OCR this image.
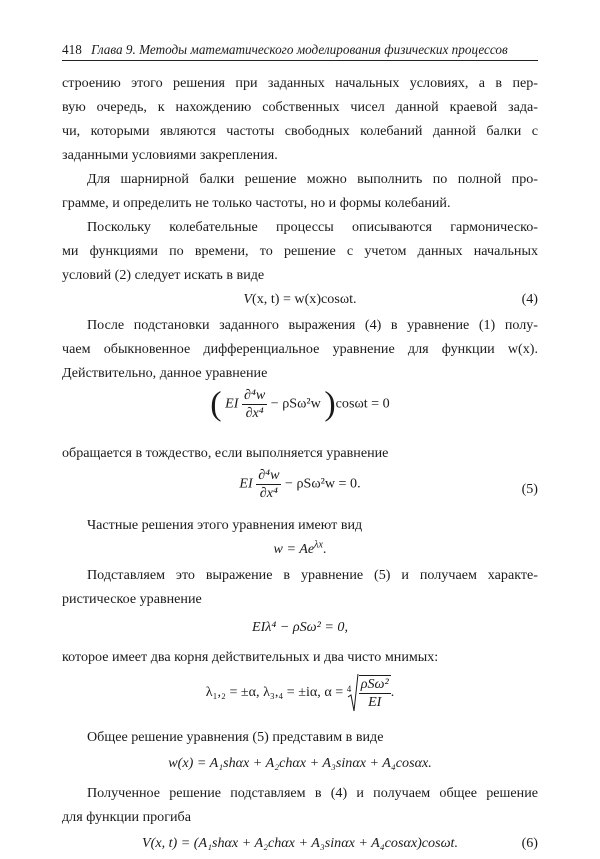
418 Глава 9. Методы математического моделирования физических процессов
строению этого решения при заданных начальных условиях, а в пер-
вую очередь, к нахождению собственных чисел данной краевой зада-
чи, которыми являются частоты свободных колебаний данной балки с
заданными условиями закрепления.
Для шарнирной балки решение можно выполнить по полной про-
грамме, и определить не только частоты, но и формы колебаний.
Поскольку колебательные процессы описываются гармоническо-
ми функциями по времени, то решение с учетом данных начальных
условий (2) следует искать в виде
V(x, t) = w(x)cosωt.	(4)
После подстановки заданного выражения (4) в уравнение (1) полу-
чаем обыкновенное дифференциальное уравнение для функции w(x).
Действительно, данное уравнение
( EI $\frac{\text{∂⁴w}}{\text{∂x⁴}} - \rho S\omega^2w$ )cosωt = 0
обращается в тождество, если выполняется уравнение
EI $\frac{\text{∂⁴w}}{\text{∂x⁴}} - \rho S\omega^2w = 0$.	(5)
Частные решения этого уравнения имеют вид
$w = Ae^{\lambda x}$.
Подставляем это выражение в уравнение (5) и получаем характе-
ристическое уравнение
EIλ⁴ − ρSω² = 0,
которое имеет два корня действительных и два чисто мнимых:
λ₁,₂ = ±α, λ₃,₄ = ±iα, $\alpha = 4 \frac{\text{ρSω²}}{EI}$ .
Общее решение уравнения (5) представим в виде
w(x) = A₁shαx + A₂chαx + A₃sinαx + A₄cosαx.
Полученное решение подставляем в (4) и получаем общее решение
для функции прогиба
V(x, t) = (A₁shαx + A₂chαx + A₃sinαx + A₄cosαx)cosωt.	(6)
